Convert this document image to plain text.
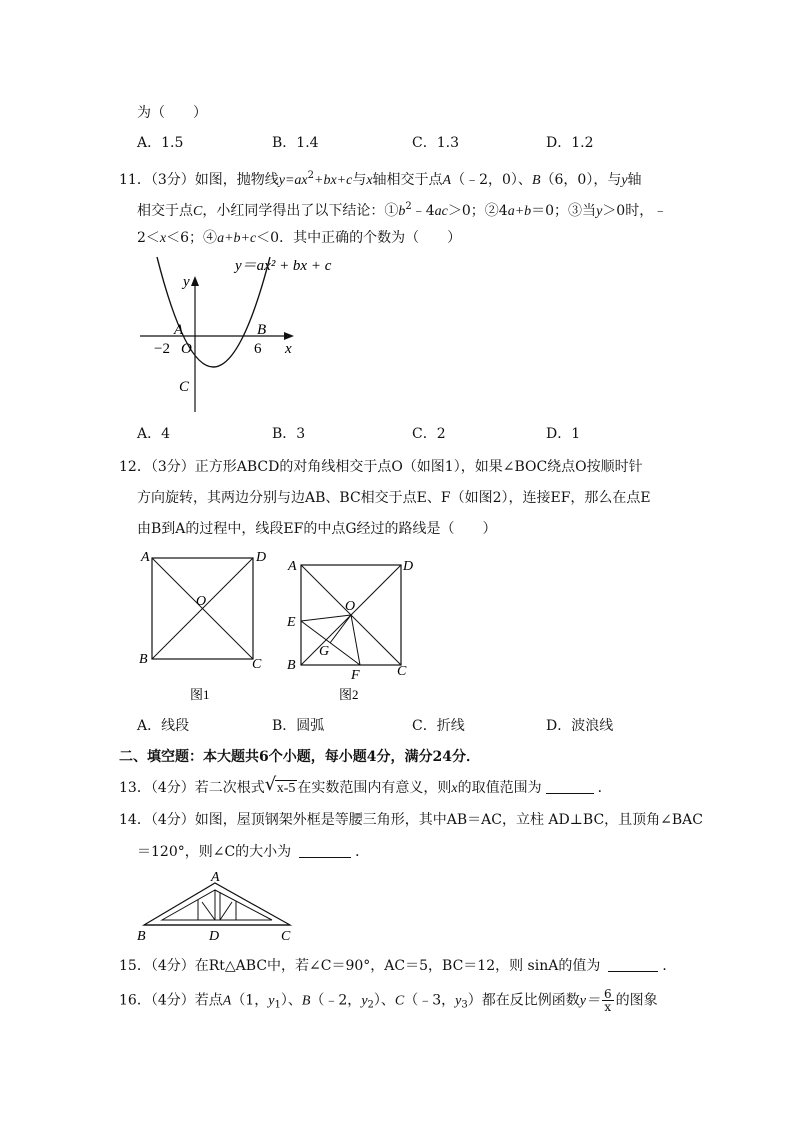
为（　　）
A．1.5	B．1.4	C．1.3	D．1.2
11．（3分）如图，抛物线$y=ax^2+bx+c$与x轴相交于点A（﹣2，0）、B（6，0），与y轴
相交于点C，小红同学得出了以下结论：$①b^2﹣4ac>0$；②4a+b＝0；③当y＞0时，﹣
2＜x＜6；④a+b+c＜0．其中正确的个数为（　　）
y＝ax² + bx + c
y
x
A	B
O
C
−2	6
A．4	B．3	C．2	D．1
12．（3分）正方形ABCD的对角线相交于点O（如图1），如果∠BOC绕点O按顺时针
方向旋转，其两边分别与边AB、BC相交于点E、F（如图2），连接EF，那么在点E
由B到A的过程中，线段EF的中点G经过的路线是（　　）
A	D
B	C
O
图1
A	D
B	C
O
E
F
G
图2
A．线段	B．圆弧	C．折线	D．波浪线
二、填空题：本大题共6个小题，每小题4分，满分24分．
13．（4分）若二次根式 √ x-5 在实数范围内有意义，则x的取值范围为	．
14．（4分）如图，屋顶钢架外框是等腰三角形，其中AB＝AC，立柱 AD⊥BC，且顶角∠BAC
＝120°，则∠C的大小为	．
A
B	D	C
15．（4分）在Rt△ABC中，若∠C＝90°，AC＝5，BC＝12，则 sinA的值为	．
16．（4分）若点A（1，$y_1$）、B（﹣2，$y_2$）、C（﹣3，$y_3$）都在反比例函数$y= \frac{6}{x}$ 的图象
